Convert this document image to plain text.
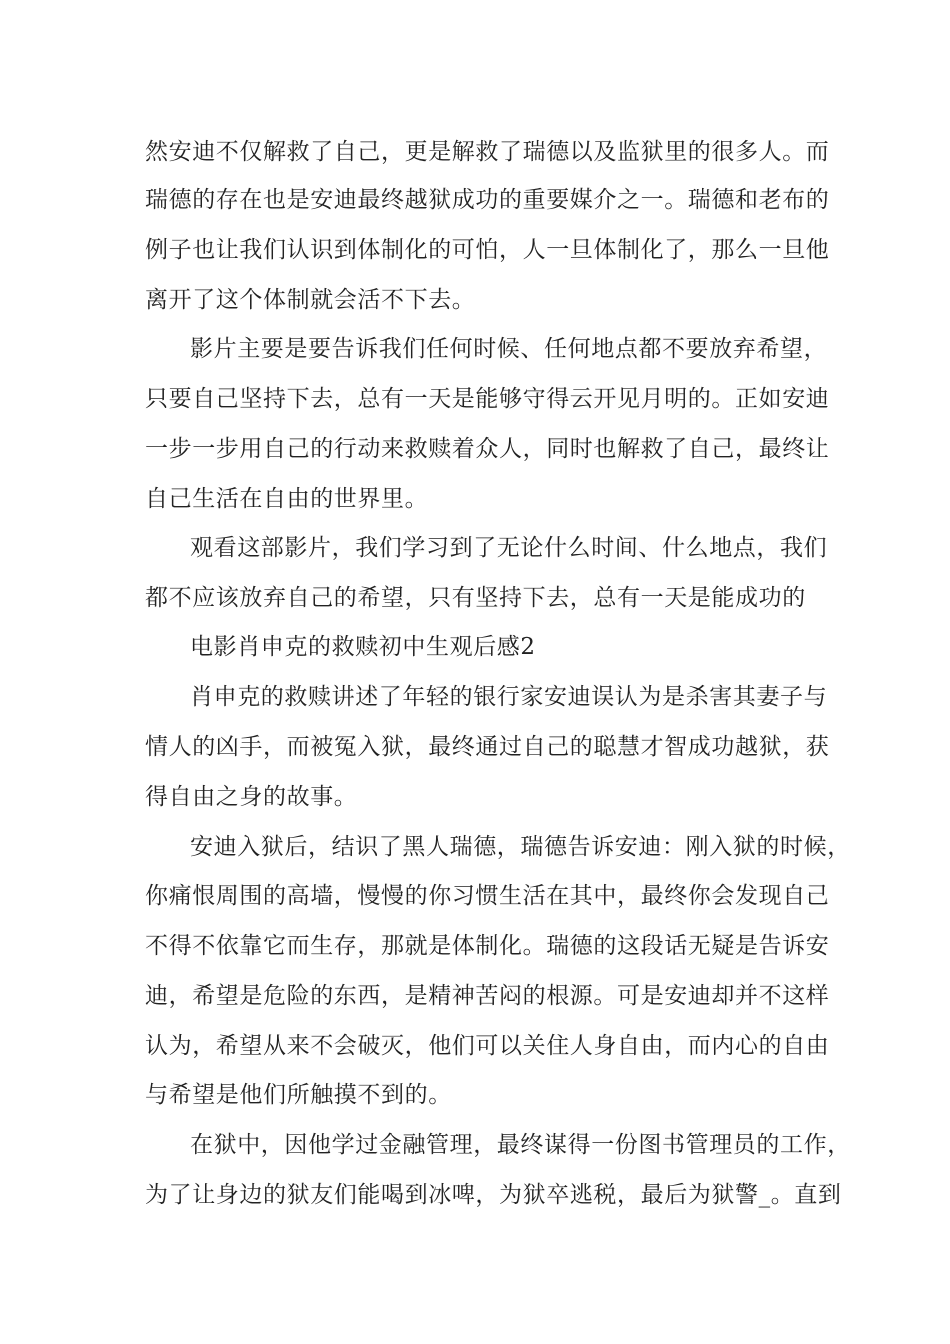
然安迪不仅解救了自己，更是解救了瑞德以及监狱里的很多人。而
瑞德的存在也是安迪最终越狱成功的重要媒介之一。瑞德和老布的
例子也让我们认识到体制化的可怕，人一旦体制化了，那么一旦他
离开了这个体制就会活不下去。
影片主要是要告诉我们任何时候、任何地点都不要放弃希望，
只要自己坚持下去，总有一天是能够守得云开见月明的。正如安迪
一步一步用自己的行动来救赎着众人，同时也解救了自己，最终让
自己生活在自由的世界里。
观看这部影片，我们学习到了无论什么时间、什么地点，我们
都不应该放弃自己的希望，只有坚持下去，总有一天是能成功的
电影肖申克的救赎初中生观后感2
肖申克的救赎讲述了年轻的银行家安迪误认为是杀害其妻子与
情人的凶手，而被冤入狱，最终通过自己的聪慧才智成功越狱，获
得自由之身的故事。
安迪入狱后，结识了黑人瑞德，瑞德告诉安迪：刚入狱的时候，
你痛恨周围的高墙，慢慢的你习惯生活在其中，最终你会发现自己
不得不依靠它而生存，那就是体制化。瑞德的这段话无疑是告诉安
迪，希望是危险的东西，是精神苦闷的根源。可是安迪却并不这样
认为，希望从来不会破灭，他们可以关住人身自由，而内心的自由
与希望是他们所触摸不到的。
在狱中，因他学过金融管理，最终谋得一份图书管理员的工作，
为了让身边的狱友们能喝到冰啤，为狱卒逃税，最后为狱警_。直到
